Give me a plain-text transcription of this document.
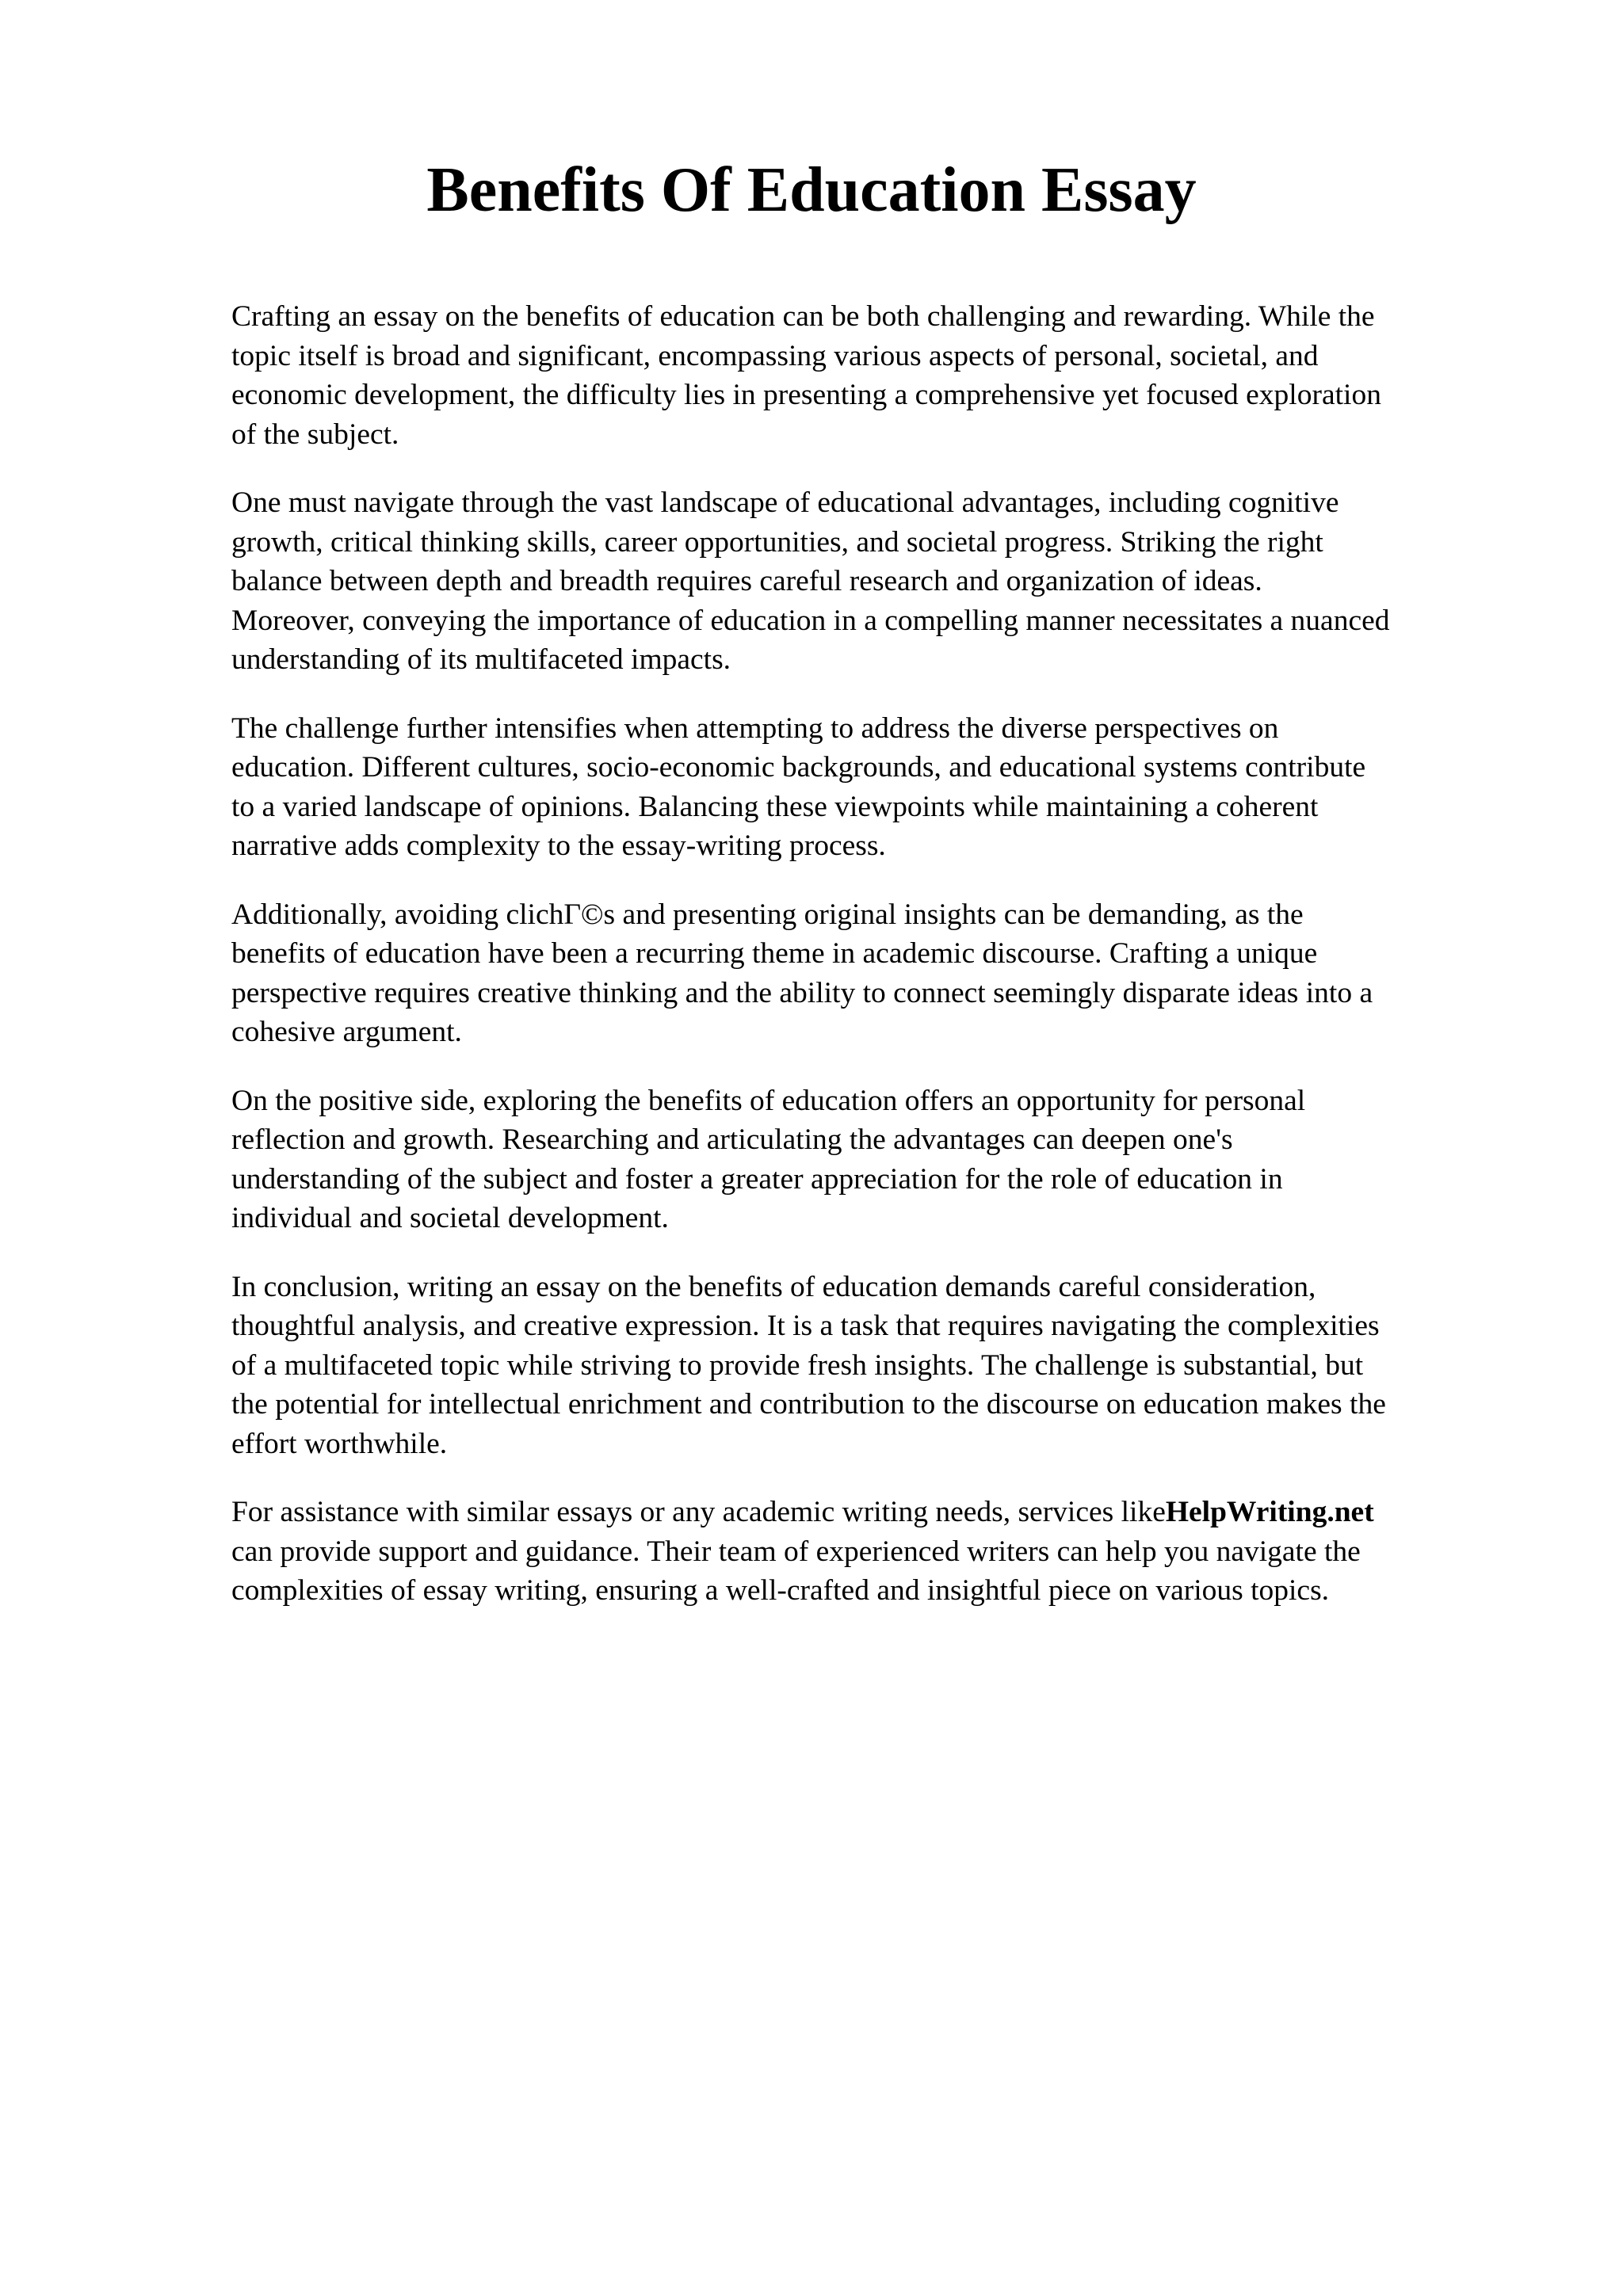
Benefits Of Education Essay

Crafting an essay on the benefits of education can be both challenging and rewarding. While the
topic itself is broad and significant, encompassing various aspects of personal, societal, and
economic development, the difficulty lies in presenting a comprehensive yet focused exploration
of the subject.

One must navigate through the vast landscape of educational advantages, including cognitive
growth, critical thinking skills, career opportunities, and societal progress. Striking the right
balance between depth and breadth requires careful research and organization of ideas.
Moreover, conveying the importance of education in a compelling manner necessitates a nuanced
understanding of its multifaceted impacts.

The challenge further intensifies when attempting to address the diverse perspectives on
education. Different cultures, socio-economic backgrounds, and educational systems contribute
to a varied landscape of opinions. Balancing these viewpoints while maintaining a coherent
narrative adds complexity to the essay-writing process.

Additionally, avoiding clichΓ©s and presenting original insights can be demanding, as the
benefits of education have been a recurring theme in academic discourse. Crafting a unique
perspective requires creative thinking and the ability to connect seemingly disparate ideas into a
cohesive argument.

On the positive side, exploring the benefits of education offers an opportunity for personal
reflection and growth. Researching and articulating the advantages can deepen one's
understanding of the subject and foster a greater appreciation for the role of education in
individual and societal development.

In conclusion, writing an essay on the benefits of education demands careful consideration,
thoughtful analysis, and creative expression. It is a task that requires navigating the complexities
of a multifaceted topic while striving to provide fresh insights. The challenge is substantial, but
the potential for intellectual enrichment and contribution to the discourse on education makes the
effort worthwhile.

For assistance with similar essays or any academic writing needs, services likeHelpWriting.net
can provide support and guidance. Their team of experienced writers can help you navigate the
complexities of essay writing, ensuring a well-crafted and insightful piece on various topics.
